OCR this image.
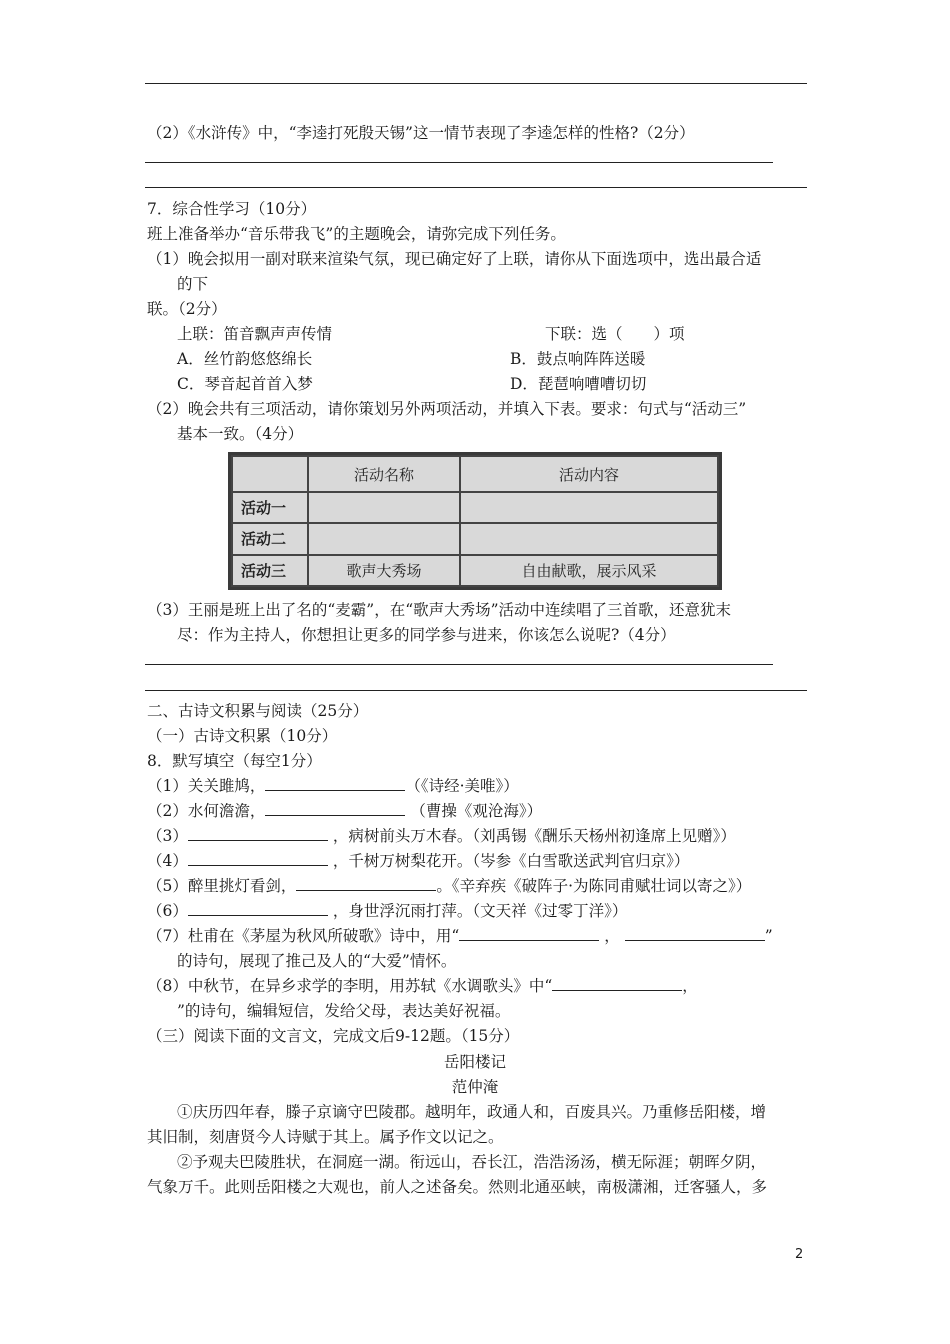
（2）《水浒传》中，“李逵打死殷天锡”这一情节表现了李逵怎样的性格?（2分）
7．综合性学习（10分）
班上准备举办“音乐带我飞”的主题晚会，请弥完成下列任务。
（1）晚会拟用一副对联来渲染气氛，现已确定好了上联，请你从下面选项中，选出最合适
的下
联。（2分）
上联：笛音飘声声传情	下联：选（　　）项
A．丝竹韵悠悠绵长	B．鼓点响阵阵送暖
C．琴音起首首入梦	D．琵琶响嘈嘈切切
（2）晚会共有三项活动，请你策划另外两项活动，并填入下表。要求：句式与“活动三”
基本一致。（4分）
	活动名称	活动内容
活动一		
活动二		
活动三	歌声大秀场	自由献歌，展示风采
（3）王丽是班上出了名的“麦霸”，在“歌声大秀场”活动中连续唱了三首歌，还意犹末
尽：作为主持人，你想担让更多的同学参与进来，你该怎么说呢?（4分）
二、古诗文积累与阅读（25分）
（一）古诗文积累（10分）
8．默写填空（每空1分）
（1）关关雎鸠，	（《诗经·美唯》）
（2）水何澹澹，	（曹操《观沧海》）
（3）	，病树前头万木春。（刘禹锡《酬乐天杨州初逢席上见赠》）
（4）	，千树万树梨花开。（岑参《白雪歌送武判官归京》）
（5）醉里挑灯看剑，	。《辛弃疾《破阵子·为陈同甫赋壮词以寄之》）
（6）	，身世浮沉雨打萍。（文天祥《过零丁洋》）
（7）杜甫在《茅屋为秋风所破歌》诗中，用“	，	”
的诗句，展现了推己及人的“大爱”情怀。
（8）中秋节，在异乡求学的李明，用苏轼《水调歌头》中“	，
”的诗句，编辑短信，发给父母，表达美好祝福。
（三）阅读下面的文言文，完成文后9-12题。（15分）
岳阳楼记
范仲淹
①庆历四年春，滕子京谪守巴陵郡。越明年，政通人和，百废具兴。乃重修岳阳楼，增
其旧制，刻唐贤今人诗赋于其上。属予作文以记之。
②予观夫巴陵胜状，在洞庭一湖。衔远山，吞长江，浩浩汤汤，横无际涯；朝晖夕阴，
气象万千。此则岳阳楼之大观也，前人之述备矣。然则北通巫峡，南极潇湘，迁客骚人，多
2
